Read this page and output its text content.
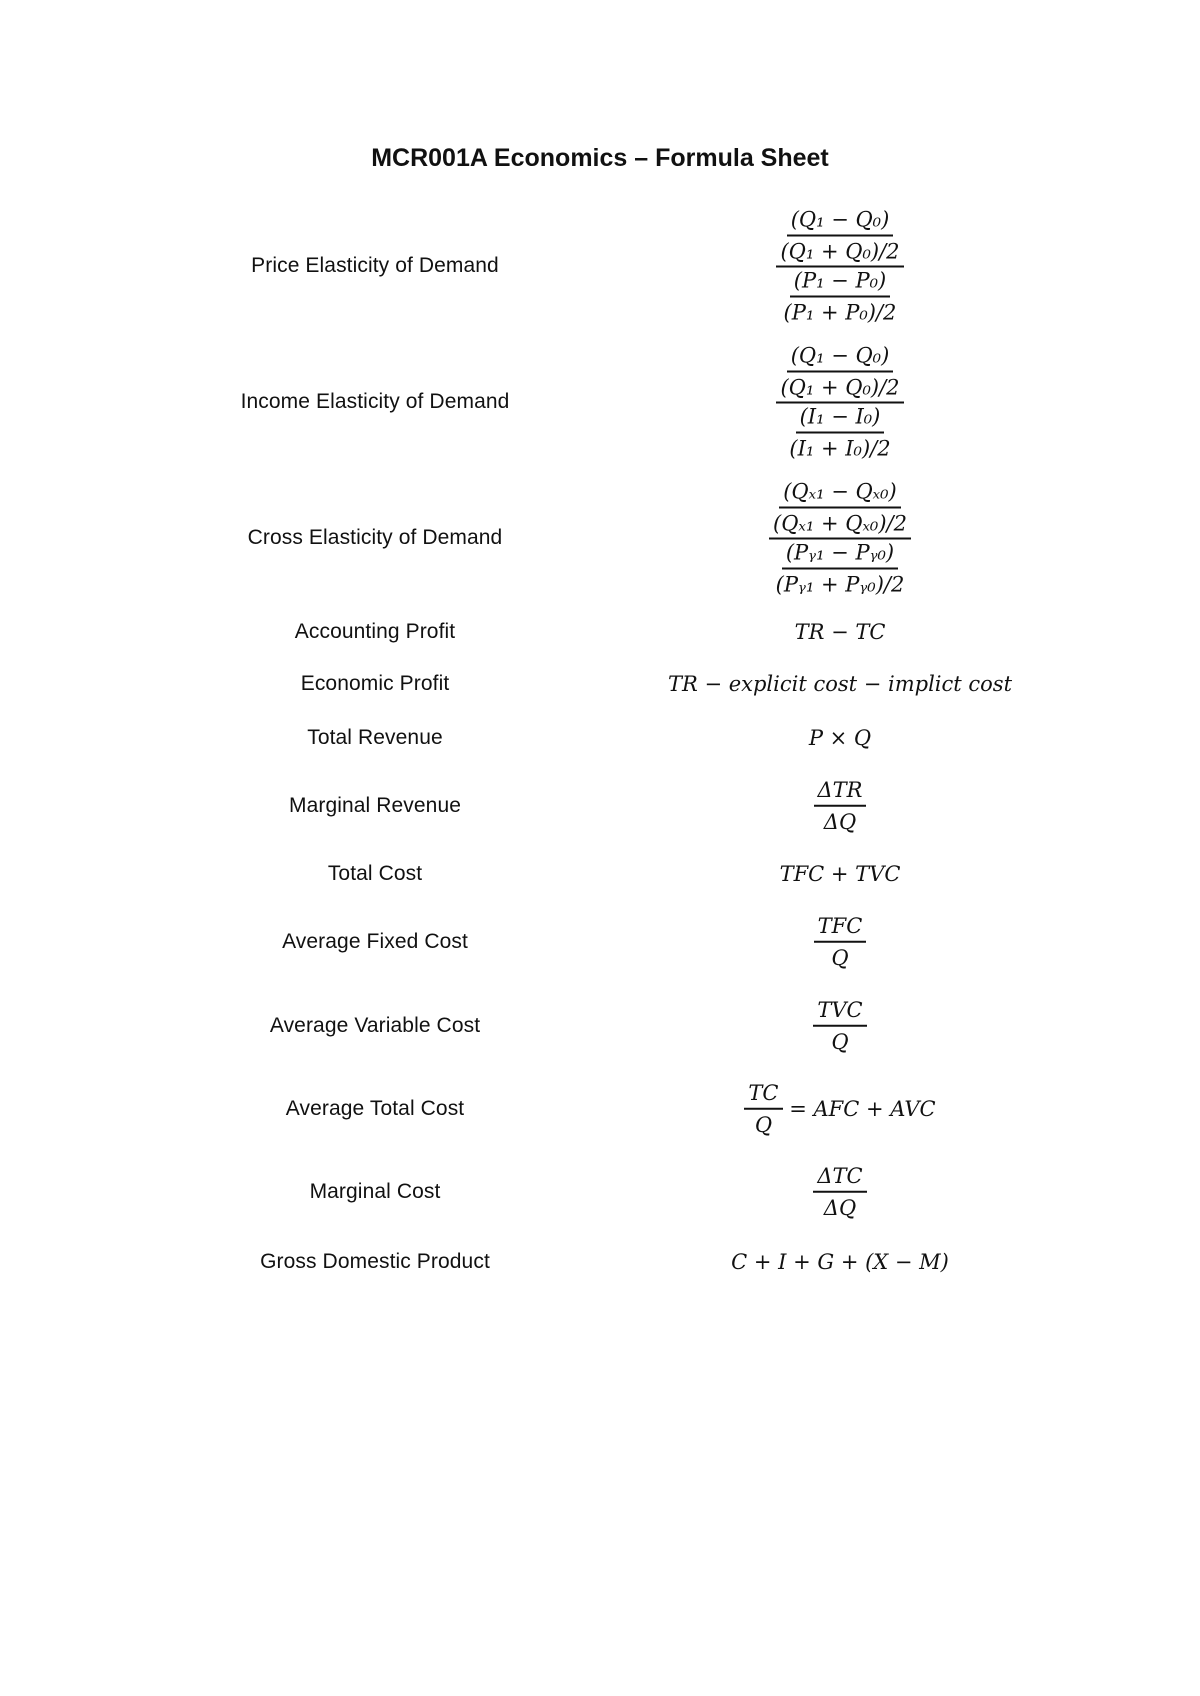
MCR001A Economics – Formula Sheet
Price Elasticity of Demand	$\frac{\frac{\text{(Q₁ − Q₀)}}{\text{(Q₁ + Q₀)/2}}}{\frac{\text{(P₁ − P₀)}}{\text{(P₁ + P₀)/2}}}$
Income Elasticity of Demand	$\frac{\frac{\text{(Q₁ − Q₀)}}{\text{(Q₁ + Q₀)/2}}}{\frac{\text{(I₁ − I₀)}}{\text{(I₁ + I₀)/2}}}$
Cross Elasticity of Demand	$\frac{\frac{\text{(Qₓ₁ − Qₓ₀)}}{\text{(Qₓ₁ + Qₓ₀)/2}}}{\frac{\text{(Pᵧ₁ − Pᵧ₀)}}{\text{(Pᵧ₁ + Pᵧ₀)/2}}}$
Accounting Profit	TR − TC
Economic Profit	TR − explicit cost − implict cost
Total Revenue	P × Q
Marginal Revenue	$\frac{\text{ΔTR}}{\Delta Q}$
Total Cost	TFC + TVC
Average Fixed Cost	$\frac{\text{TFC}}{Q}$
Average Variable Cost	$\frac{\text{TVC}}{Q}$
Average Total Cost	$\frac{TC}{Q}$ = AFC + AVC
Marginal Cost	$\frac{\text{ΔTC}}{\Delta Q}$
Gross Domestic Product	C + I + G + (X − M)
